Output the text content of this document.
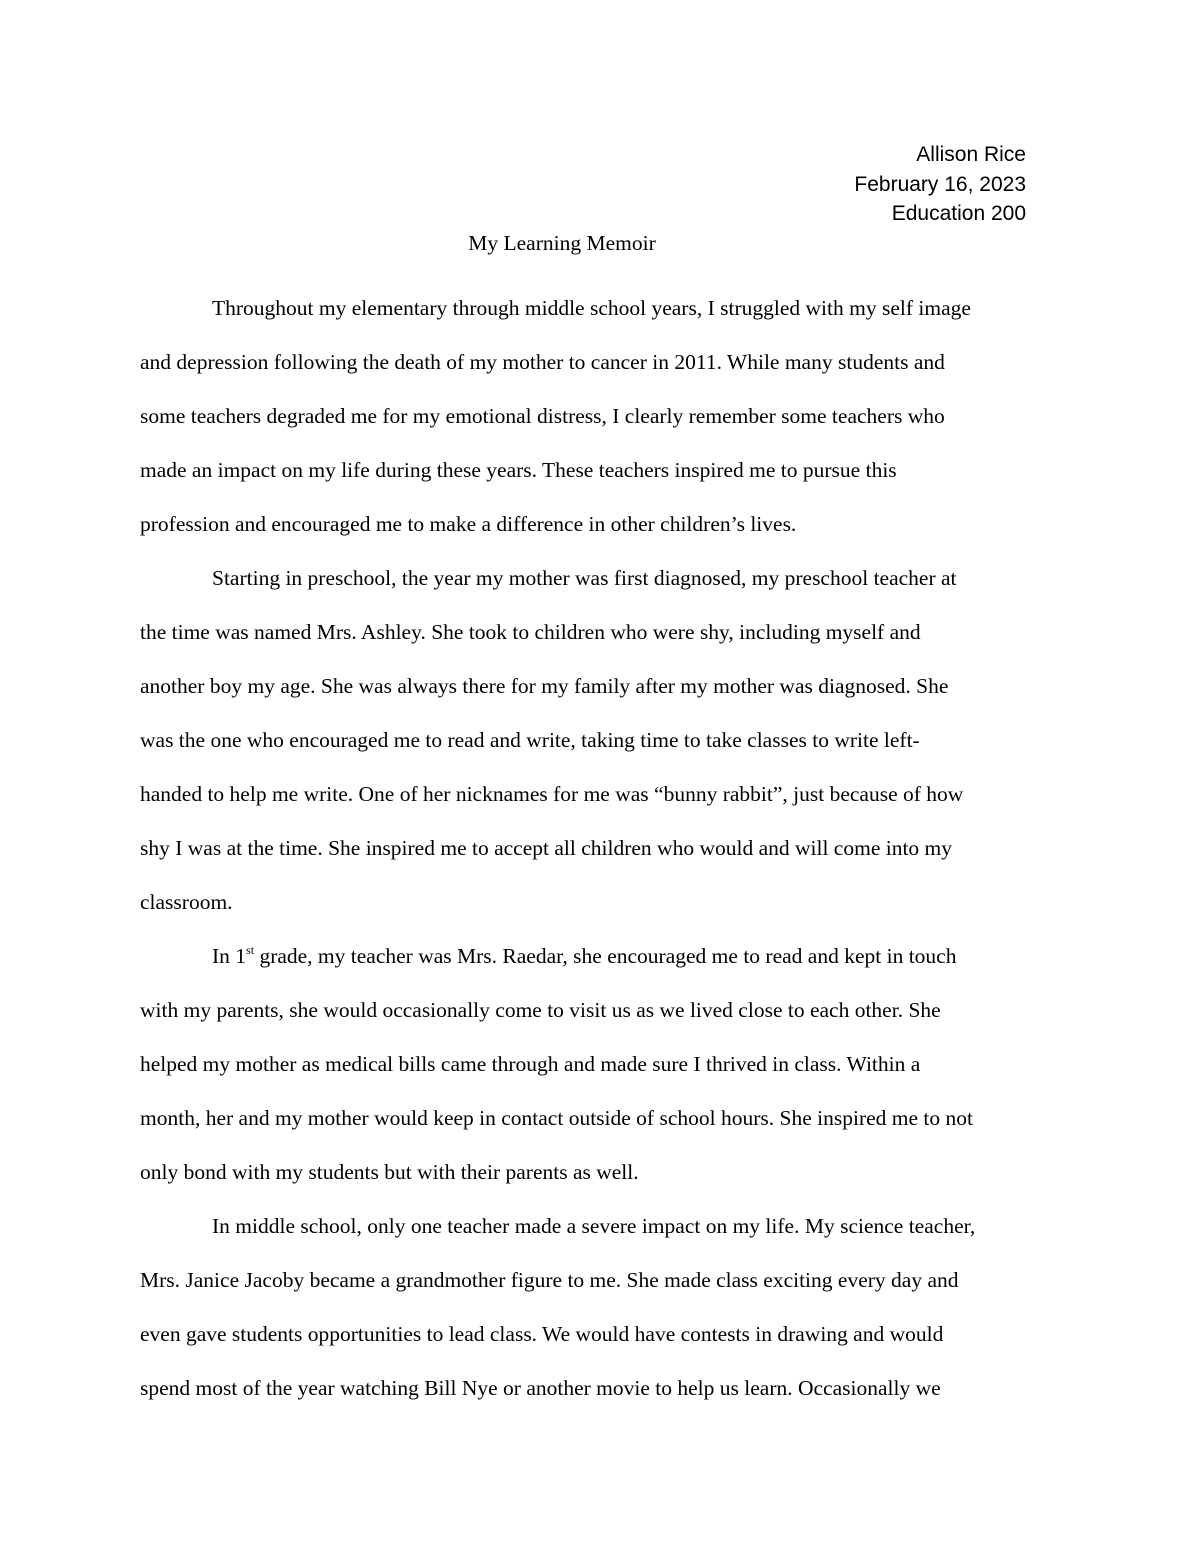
Allison Rice
February 16, 2023
Education 200
My Learning Memoir
Throughout my elementary through middle school years, I struggled with my self image
and depression following the death of my mother to cancer in 2011. While many students and
some teachers degraded me for my emotional distress, I clearly remember some teachers who
made an impact on my life during these years. These teachers inspired me to pursue this
profession and encouraged me to make a difference in other children’s lives.
Starting in preschool, the year my mother was first diagnosed, my preschool teacher at
the time was named Mrs. Ashley. She took to children who were shy, including myself and
another boy my age. She was always there for my family after my mother was diagnosed. She
was the one who encouraged me to read and write, taking time to take classes to write left-
handed to help me write. One of her nicknames for me was “bunny rabbit”, just because of how
shy I was at the time. She inspired me to accept all children who would and will come into my
classroom.
In 1st grade, my teacher was Mrs. Raedar, she encouraged me to read and kept in touch
with my parents, she would occasionally come to visit us as we lived close to each other. She
helped my mother as medical bills came through and made sure I thrived in class. Within a
month, her and my mother would keep in contact outside of school hours. She inspired me to not
only bond with my students but with their parents as well.
In middle school, only one teacher made a severe impact on my life. My science teacher,
Mrs. Janice Jacoby became a grandmother figure to me. She made class exciting every day and
even gave students opportunities to lead class. We would have contests in drawing and would
spend most of the year watching Bill Nye or another movie to help us learn. Occasionally we
